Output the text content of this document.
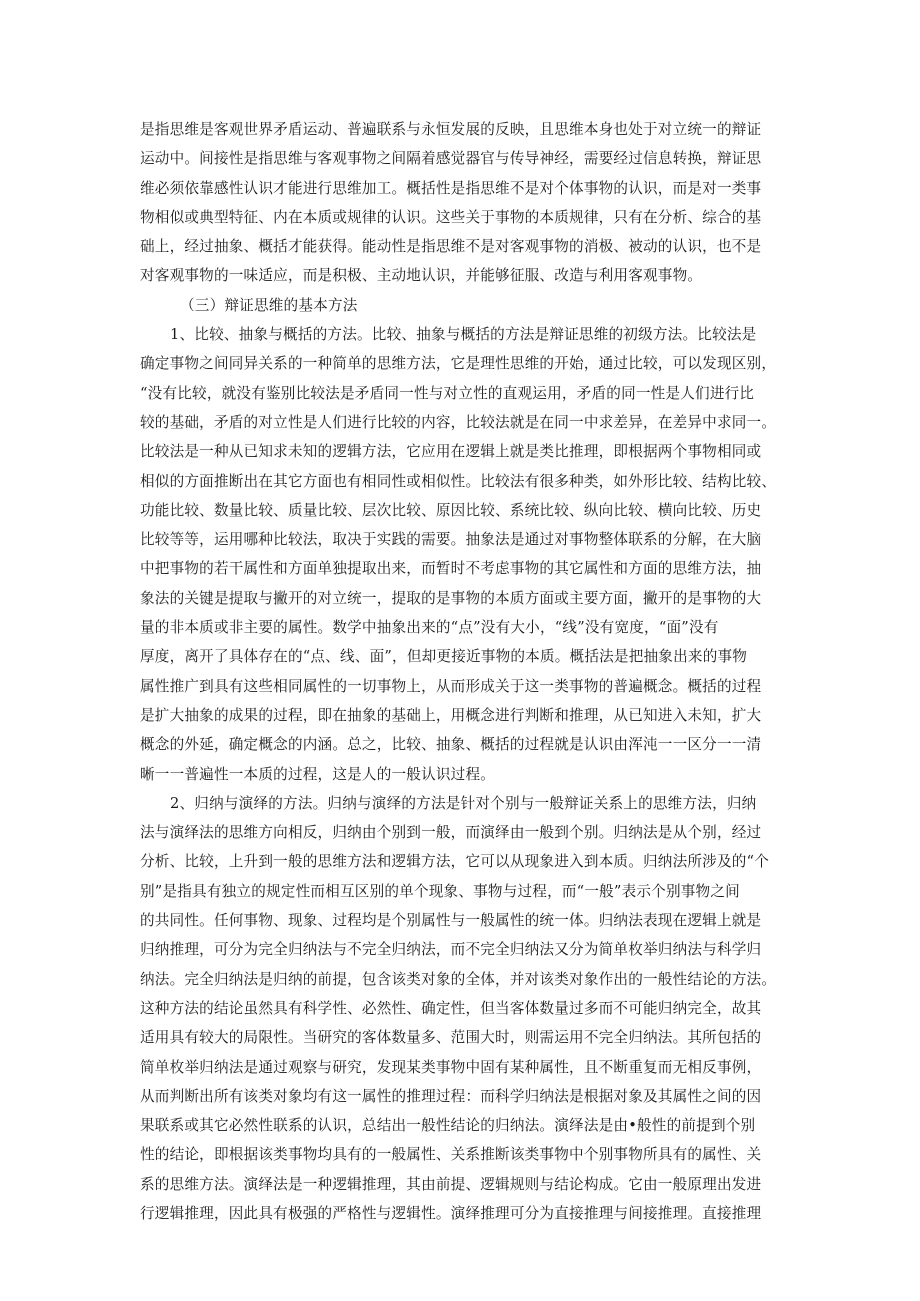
是指思维是客观世界矛盾运动、普遍联系与永恒发展的反映，且思维本身也处于对立统一的辩证
运动中。间接性是指思维与客观事物之间隔着感觉器官与传导神经，需要经过信息转换，辩证思
维必须依靠感性认识才能进行思维加工。概括性是指思维不是对个体事物的认识，而是对一类事
物相似或典型特征、内在本质或规律的认识。这些关于事物的本质规律，只有在分析、综合的基
础上，经过抽象、概括才能获得。能动性是指思维不是对客观事物的消极、被动的认识，也不是
对客观事物的一味适应，而是积极、主动地认识，并能够征服、改造与利用客观事物。
（三）辩证思维的基本方法
1、比较、抽象与概括的方法。比较、抽象与概括的方法是辩证思维的初级方法。比较法是
确定事物之间同异关系的一种简单的思维方法，它是理性思维的开始，通过比较，可以发现区别，
“没有比较，就没有鉴别比较法是矛盾同一性与对立性的直观运用，矛盾的同一性是人们进行比
较的基础，矛盾的对立性是人们进行比较的内容，比较法就是在同一中求差异，在差异中求同一。
比较法是一种从已知求未知的逻辑方法，它应用在逻辑上就是类比推理，即根据两个事物相同或
相似的方面推断出在其它方面也有相同性或相似性。比较法有很多种类，如外形比较、结构比较、
功能比较、数量比较、质量比较、层次比较、原因比较、系统比较、纵向比较、横向比较、历史
比较等等，运用哪种比较法，取决于实践的需要。抽象法是通过对事物整体联系的分解，在大脑
中把事物的若干属性和方面单独提取出来，而暂时不考虑事物的其它属性和方面的思维方法，抽
象法的关键是提取与撇开的对立统一，提取的是事物的本质方面或主要方面，撇开的是事物的大
量的非本质或非主要的属性。数学中抽象出来的“点”没有大小，“线”没有宽度，“面”没有
厚度，离开了具体存在的“点、线、面”，但却更接近事物的本质。概括法是把抽象出来的事物
属性推广到具有这些相同属性的一切事物上，从而形成关于这一类事物的普遍概念。概括的过程
是扩大抽象的成果的过程，即在抽象的基础上，用概念进行判断和推理，从已知进入未知，扩大
概念的外延，确定概念的内涵。总之，比较、抽象、概括的过程就是认识由浑沌一一区分一一清
晰一一普遍性一本质的过程，这是人的一般认识过程。
2、归纳与演绎的方法。归纳与演绎的方法是针对个别与一般辩证关系上的思维方法，归纳
法与演绎法的思维方向相反，归纳由个别到一般，而演绎由一般到个别。归纳法是从个别，经过
分析、比较，上升到一般的思维方法和逻辑方法，它可以从现象进入到本质。归纳法所涉及的“个
别”是指具有独立的规定性而相互区别的单个现象、事物与过程，而“一般”表示个别事物之间
的共同性。任何事物、现象、过程均是个别属性与一般属性的统一体。归纳法表现在逻辑上就是
归纳推理，可分为完全归纳法与不完全归纳法，而不完全归纳法又分为简单枚举归纳法与科学归
纳法。完全归纳法是归纳的前提，包含该类对象的全体，并对该类对象作出的一般性结论的方法。
这种方法的结论虽然具有科学性、必然性、确定性，但当客体数量过多而不可能归纳完全，故其
适用具有较大的局限性。当研究的客体数量多、范围大时，则需运用不完全归纳法。其所包括的
简单枚举归纳法是通过观察与研究，发现某类事物中固有某种属性，且不断重复而无相反事例，
从而判断出所有该类对象均有这一属性的推理过程：而科学归纳法是根据对象及其属性之间的因
果联系或其它必然性联系的认识，总结出一般性结论的归纳法。演绎法是由•般性的前提到个别
性的结论，即根据该类事物均具有的一般属性、关系推断该类事物中个别事物所具有的属性、关
系的思维方法。演绎法是一种逻辑推理，其由前提、逻辑规则与结论构成。它由一般原理出发进
行逻辑推理，因此具有极强的严格性与逻辑性。演绎推理可分为直接推理与间接推理。直接推理
